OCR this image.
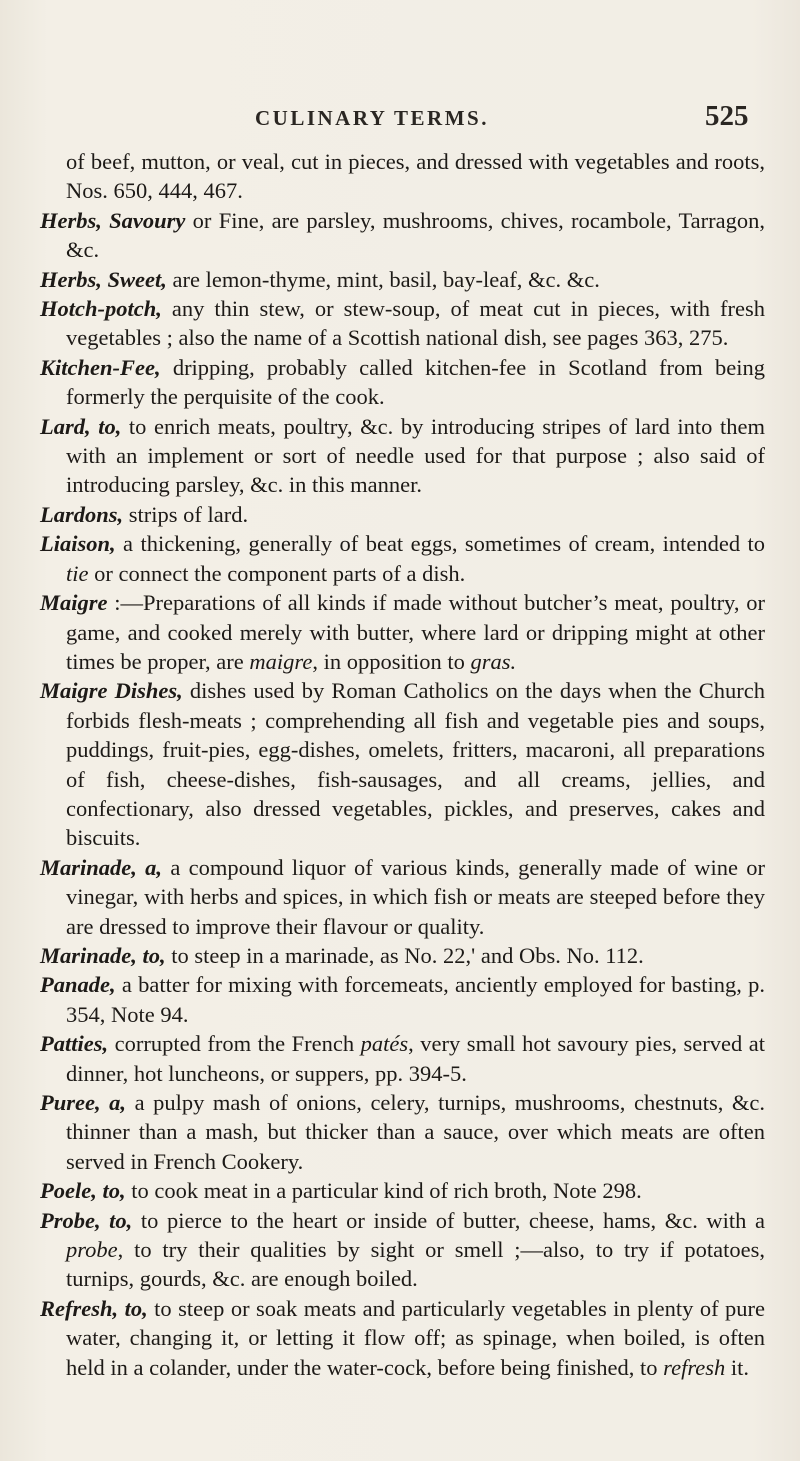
CULINARY TERMS.	525

of beef, mutton, or veal, cut in pieces, and dressed with vegetables and roots, Nos. 650, 444, 467.

Herbs, Savoury or Fine, are parsley, mushrooms, chives, rocambole, Tarragon, &c.

Herbs, Sweet, are lemon-thyme, mint, basil, bay-leaf, &c. &c.

Hotch-potch, any thin stew, or stew-soup, of meat cut in pieces, with fresh vegetables ; also the name of a Scottish national dish, see pages 363, 275.

Kitchen-Fee, dripping, probably called kitchen-fee in Scotland from being formerly the perquisite of the cook.

Lard, to, to enrich meats, poultry, &c. by introducing stripes of lard into them with an implement or sort of needle used for that purpose ; also said of introducing parsley, &c. in this manner.

Lardons, strips of lard.

Liaison, a thickening, generally of beat eggs, sometimes of cream, intended to tie or connect the component parts of a dish.

Maigre :—Preparations of all kinds if made without butcher’s meat, poultry, or game, and cooked merely with butter, where lard or dripping might at other times be proper, are maigre, in opposition to gras.

Maigre Dishes, dishes used by Roman Catholics on the days when the Church forbids flesh-meats ; comprehending all fish and vegetable pies and soups, puddings, fruit-pies, egg-dishes, omelets, fritters, macaroni, all preparations of fish, cheese-dishes, fish-sausages, and all creams, jellies, and confectionary, also dressed vegetables, pickles, and preserves, cakes and biscuits.

Marinade, a, a compound liquor of various kinds, generally made of wine or vinegar, with herbs and spices, in which fish or meats are steeped before they are dressed to improve their flavour or quality.

Marinade, to, to steep in a marinade, as No. 22,' and Obs. No. 112.

Panade, a batter for mixing with forcemeats, anciently employed for basting, p. 354, Note 94.

Patties, corrupted from the French patés, very small hot savoury pies, served at dinner, hot luncheons, or suppers, pp. 394-5.

Puree, a, a pulpy mash of onions, celery, turnips, mushrooms, chestnuts, &c. thinner than a mash, but thicker than a sauce, over which meats are often served in French Cookery.

Poele, to, to cook meat in a particular kind of rich broth, Note 298.

Probe, to, to pierce to the heart or inside of butter, cheese, hams, &c. with a probe, to try their qualities by sight or smell ;—also, to try if potatoes, turnips, gourds, &c. are enough boiled.

Refresh, to, to steep or soak meats and particularly vegetables in plenty of pure water, changing it, or letting it flow off; as spinage, when boiled, is often held in a colander, under the water-cock, before being finished, to refresh it.
